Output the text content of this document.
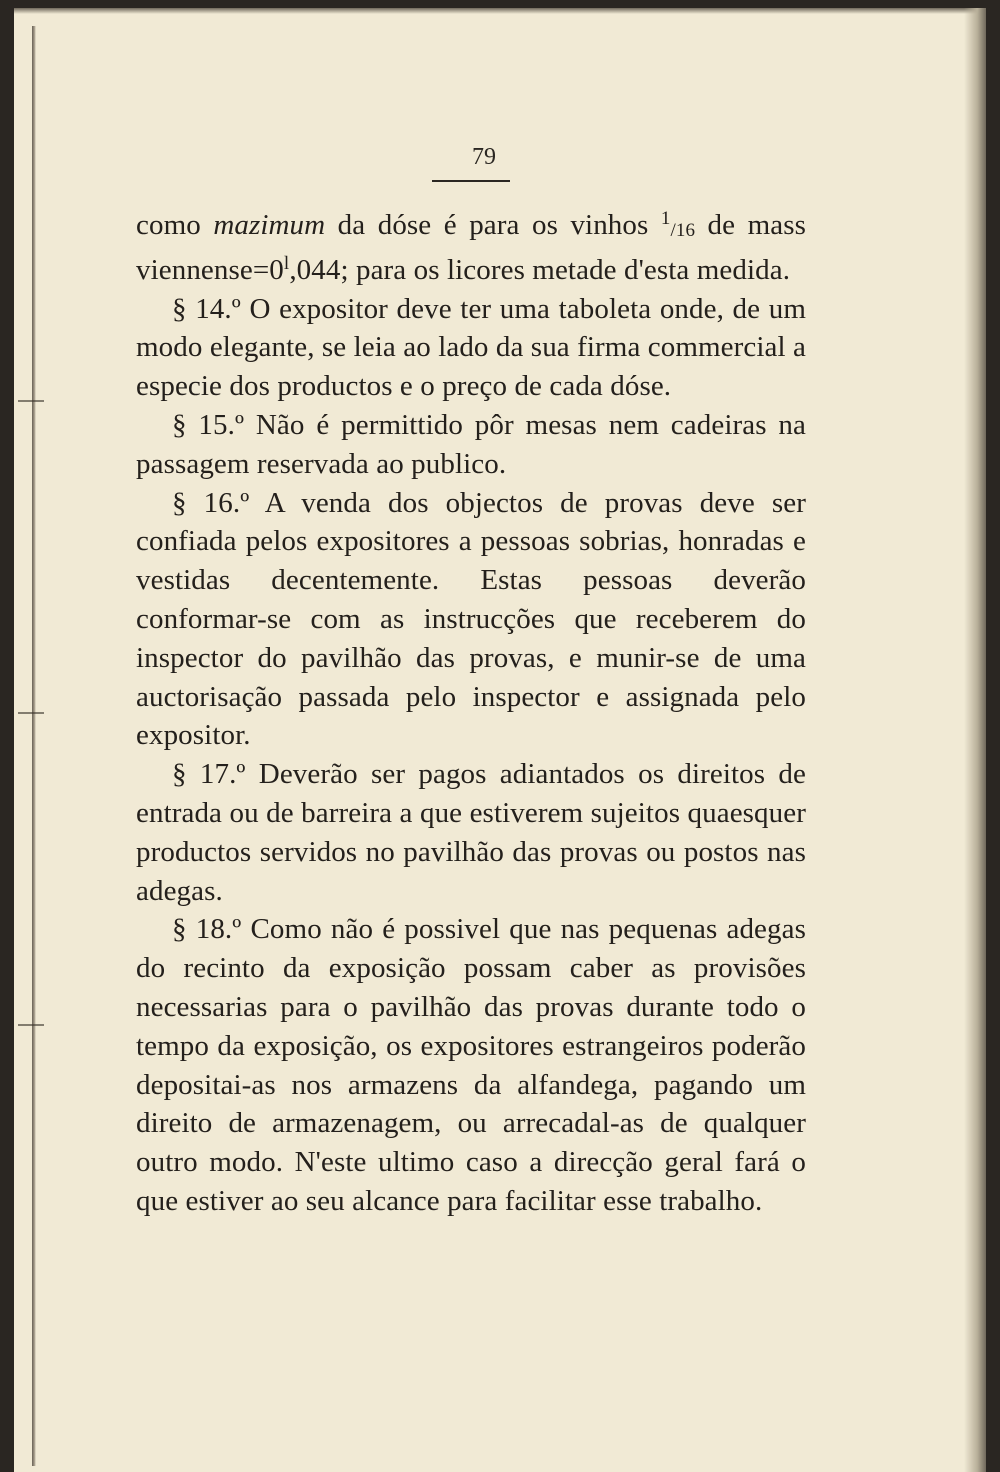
79

como mazimum da dóse é para os vinhos $^1$/16 de mass $viennense=0^l,044$; para os licores metade d'esta medida.

§ 14.º O expositor deve ter uma taboleta onde, de um modo elegante, se leia ao lado da sua firma commercial a especie dos productos e o preço de cada dóse.

§ 15.º Não é permittido pôr mesas nem cadeiras na passagem reservada ao publico.

§ 16.º A venda dos objectos de provas deve ser confiada pelos expositores a pessoas sobrias, honradas e vestidas decentemente. Estas pessoas deverão conformar-se com as instrucções que receberem do inspector do pavilhão das provas, e munir-se de uma auctorisação passada pelo inspector e assignada pelo expositor.

§ 17.º Deverão ser pagos adiantados os direitos de entrada ou de barreira a que estiverem sujeitos quaesquer productos servidos no pavilhão das provas ou postos nas adegas.

§ 18.º Como não é possivel que nas pequenas adegas do recinto da exposição possam caber as provisões necessarias para o pavilhão das provas durante todo o tempo da exposição, os expositores estrangeiros poderão depositai-as nos armazens da alfandega, pagando um direito de armazenagem, ou arrecadal-as de qualquer outro modo. N'este ultimo caso a direcção geral fará o que estiver ao seu alcance para facilitar esse trabalho.
